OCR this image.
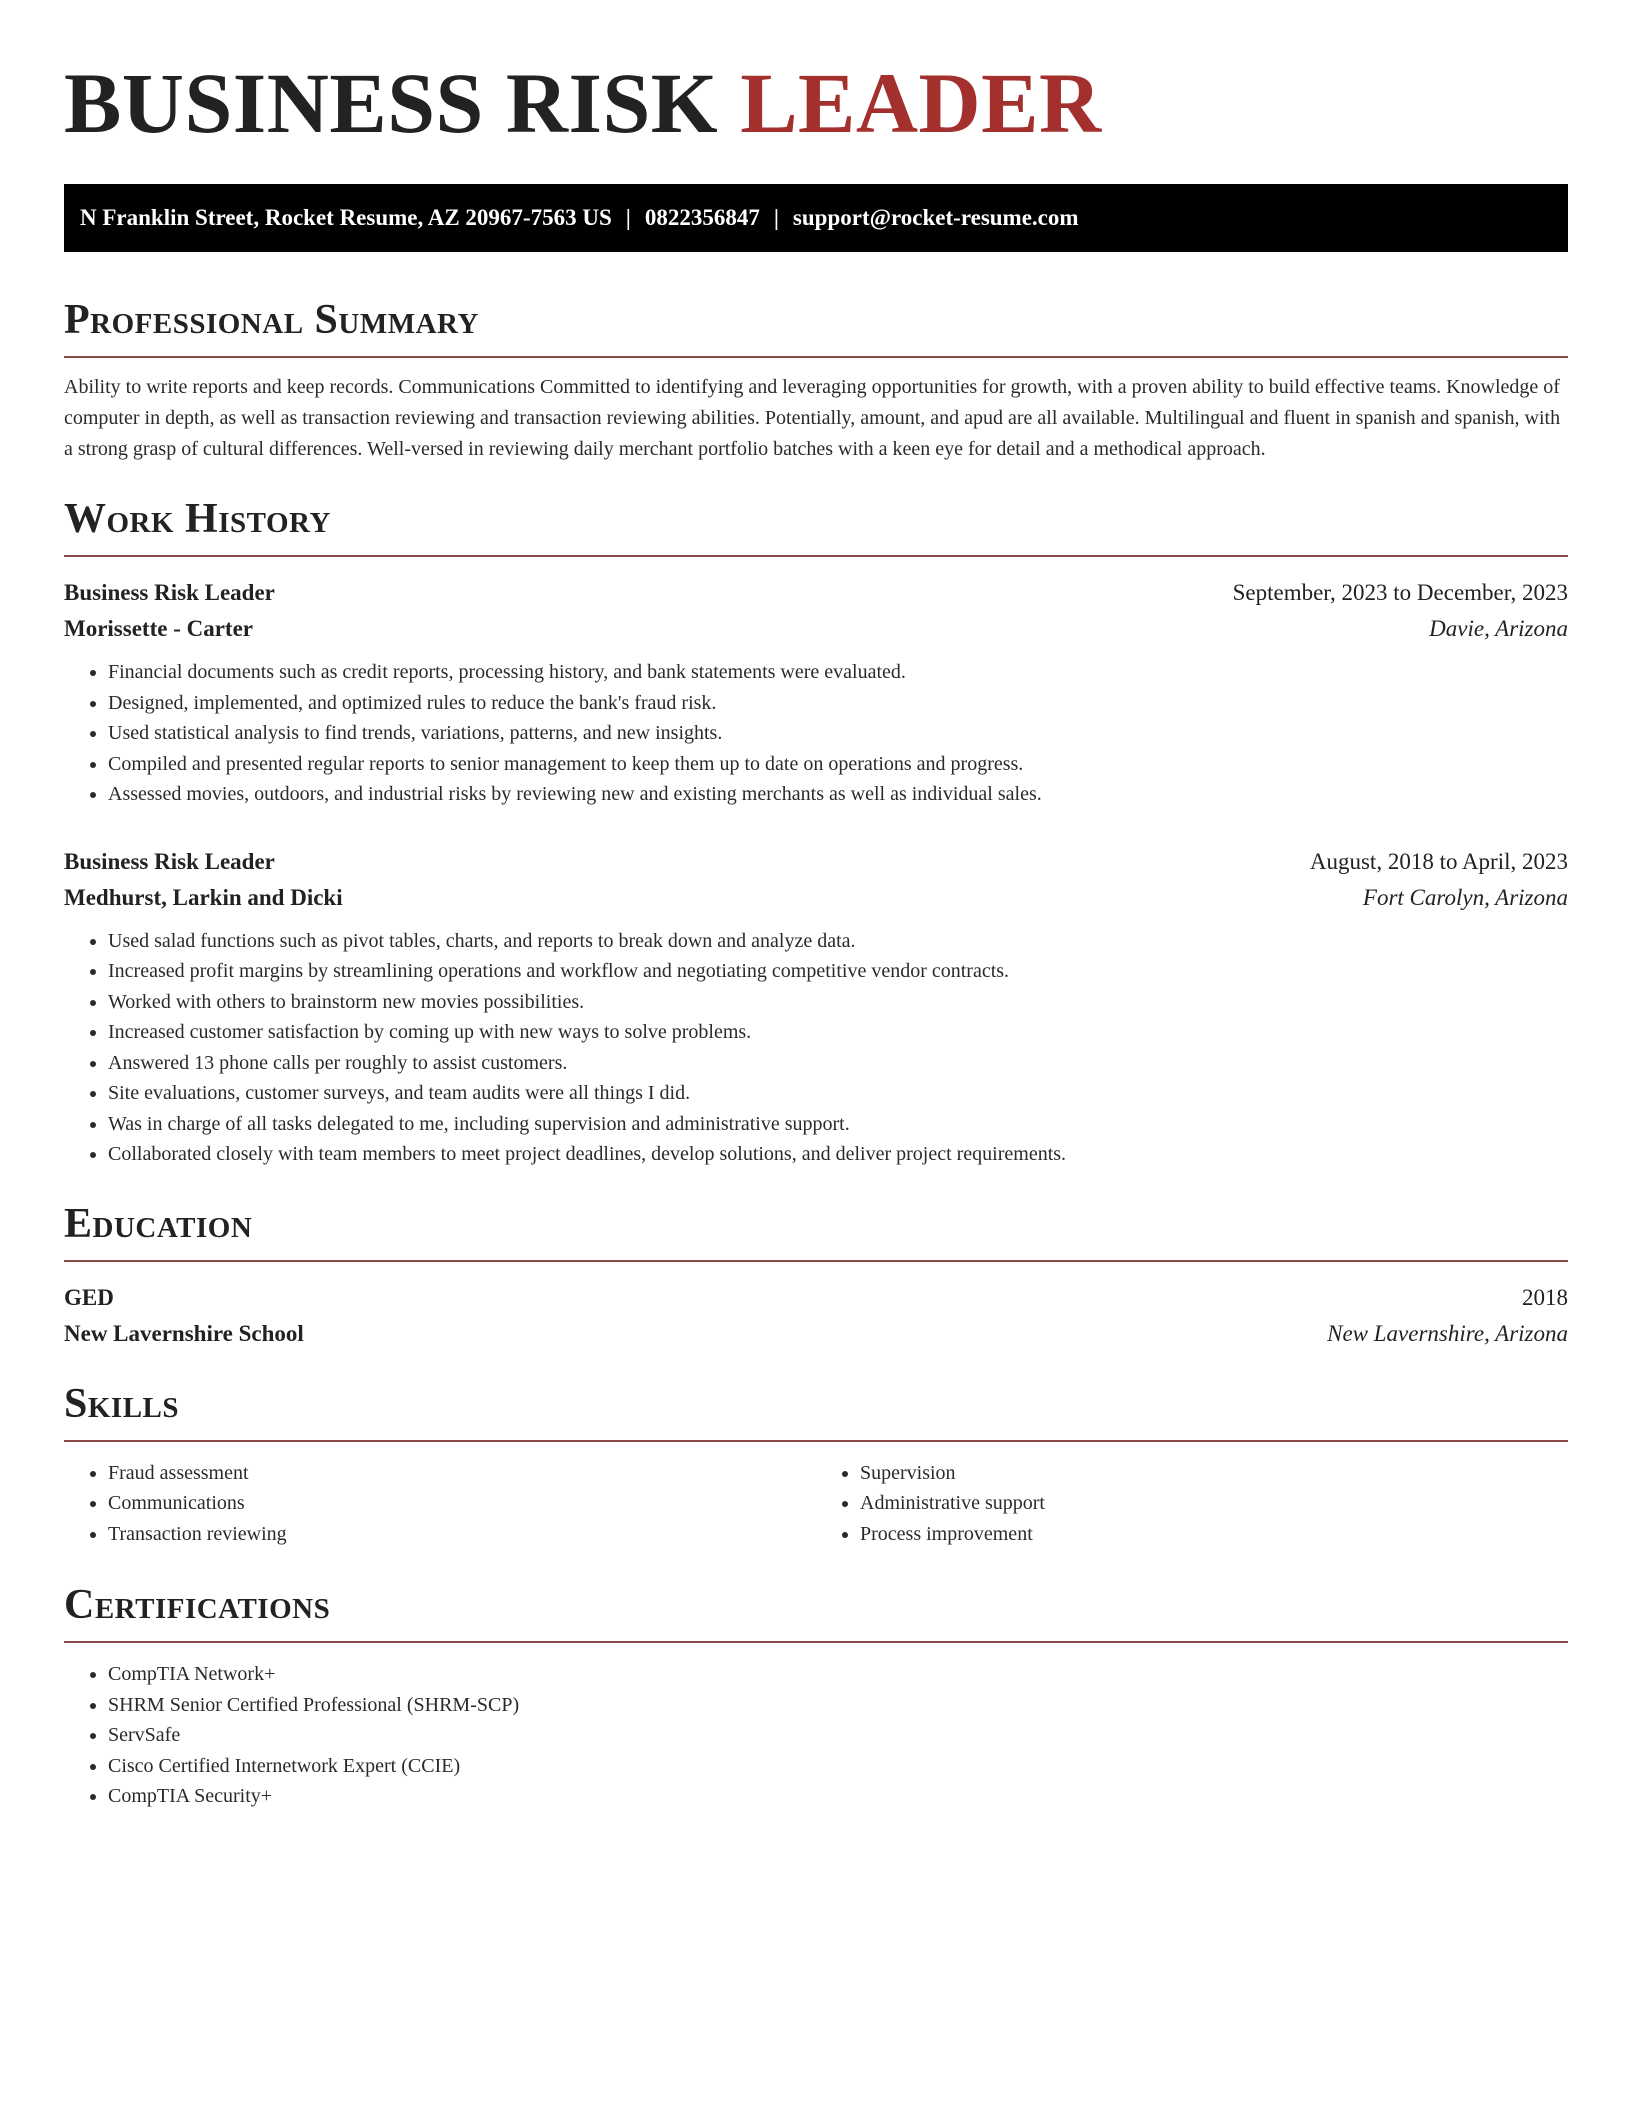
BUSINESS RISK LEADER
N Franklin Street, Rocket Resume, AZ 20967-7563 US | 0822356847 | support@rocket-resume.com
Professional Summary

Ability to write reports and keep records. Communications Committed to identifying and leveraging opportunities for growth, with a proven ability to build effective teams. Knowledge of computer in depth, as well as transaction reviewing and transaction reviewing abilities. Potentially, amount, and apud are all available. Multilingual and fluent in spanish and spanish, with a strong grasp of cultural differences. Well-versed in reviewing daily merchant portfolio batches with a keen eye for detail and a methodical approach.

Work History
Business Risk Leader	September, 2023 to December, 2023
Morissette - Carter	Davie, Arizona
• Financial documents such as credit reports, processing history, and bank statements were evaluated.
• Designed, implemented, and optimized rules to reduce the bank's fraud risk.
• Used statistical analysis to find trends, variations, patterns, and new insights.
• Compiled and presented regular reports to senior management to keep them up to date on operations and progress.
• Assessed movies, outdoors, and industrial risks by reviewing new and existing merchants as well as individual sales.
Business Risk Leader	August, 2018 to April, 2023
Medhurst, Larkin and Dicki	Fort Carolyn, Arizona
• Used salad functions such as pivot tables, charts, and reports to break down and analyze data.
• Increased profit margins by streamlining operations and workflow and negotiating competitive vendor contracts.
• Worked with others to brainstorm new movies possibilities.
• Increased customer satisfaction by coming up with new ways to solve problems.
• Answered 13 phone calls per roughly to assist customers.
• Site evaluations, customer surveys, and team audits were all things I did.
• Was in charge of all tasks delegated to me, including supervision and administrative support.
• Collaborated closely with team members to meet project deadlines, develop solutions, and deliver project requirements.
Education
GED	2018
New Lavernshire School	New Lavernshire, Arizona
Skills
• Fraud assessment
• Communications
• Transaction reviewing
• Supervision
• Administrative support
• Process improvement
Certifications
• CompTIA Network+
• SHRM Senior Certified Professional (SHRM-SCP)
• ServSafe
• Cisco Certified Internetwork Expert (CCIE)
• CompTIA Security+
